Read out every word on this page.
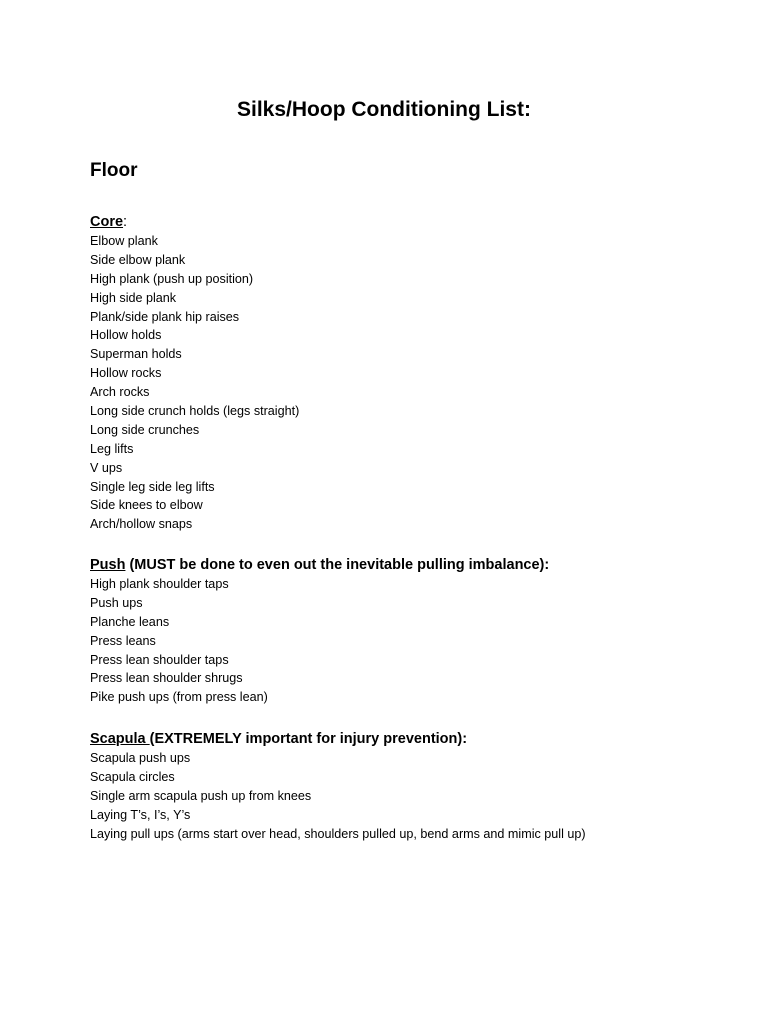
Silks/Hoop Conditioning List:
Floor
Core:
Elbow plank
Side elbow plank
High plank (push up position)
High side plank
Plank/side plank hip raises
Hollow holds
Superman holds
Hollow rocks
Arch rocks
Long side crunch holds (legs straight)
Long side crunches
Leg lifts
V ups
Single leg side leg lifts
Side knees to elbow
Arch/hollow snaps
Push (MUST be done to even out the inevitable pulling imbalance):
High plank shoulder taps
Push ups
Planche leans
Press leans
Press lean shoulder taps
Press lean shoulder shrugs
Pike push ups (from press lean)
Scapula (EXTREMELY important for injury prevention):
Scapula push ups
Scapula circles
Single arm scapula push up from knees
Laying T’s, I’s, Y’s
Laying pull ups (arms start over head, shoulders pulled up, bend arms and mimic pull up)
